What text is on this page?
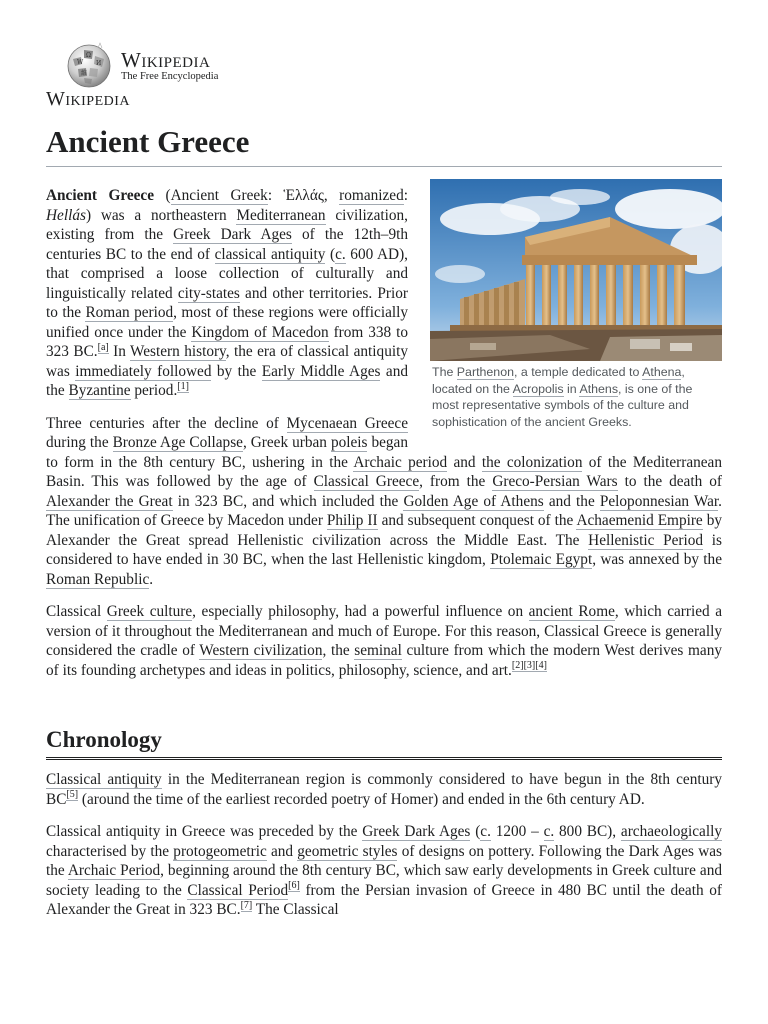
W
Ω
И
維
Wikipedia
The Free Encyclopedia
Wikipedia
Ancient Greece
The Parthenon, a temple dedicated to Athena, located on the Acropolis in Athens, is one of the most representative symbols of the culture and sophistication of the ancient Greeks.

Ancient Greece (Ancient Greek: Ἑλλάς, romanized: Hellás) was a northeastern Mediterranean civilization, existing from the Greek Dark Ages of the 12th–9th centuries BC to the end of classical antiquity (c. 600 AD), that comprised a loose collection of culturally and linguistically related city-states and other territories. Prior to the Roman period, most of these regions were officially unified once under the Kingdom of Macedon from 338 to 323 BC.[a] In Western history, the era of classical antiquity was immediately followed by the Early Middle Ages and the Byzantine period.[1]

Three centuries after the decline of Mycenaean Greece during the Bronze Age Collapse, Greek urban poleis began to form in the 8th century BC, ushering in the Archaic period and the colonization of the Mediterranean Basin. This was followed by the age of Classical Greece, from the Greco-Persian Wars to the death of Alexander the Great in 323 BC, and which included the Golden Age of Athens and the Peloponnesian War. The unification of Greece by Macedon under Philip II and subsequent conquest of the Achaemenid Empire by Alexander the Great spread Hellenistic civilization across the Middle East. The Hellenistic Period is considered to have ended in 30 BC, when the last Hellenistic kingdom, Ptolemaic Egypt, was annexed by the Roman Republic.

Classical Greek culture, especially philosophy, had a powerful influence on ancient Rome, which carried a version of it throughout the Mediterranean and much of Europe. For this reason, Classical Greece is generally considered the cradle of Western civilization, the seminal culture from which the modern West derives many of its founding archetypes and ideas in politics, philosophy, science, and art.[2][3][4]

Chronology

Classical antiquity in the Mediterranean region is commonly considered to have begun in the 8th century BC[5] (around the time of the earliest recorded poetry of Homer) and ended in the 6th century AD.

Classical antiquity in Greece was preceded by the Greek Dark Ages (c. 1200 – c. 800 BC), archaeologically characterised by the protogeometric and geometric styles of designs on pottery. Following the Dark Ages was the Archaic Period, beginning around the 8th century BC, which saw early developments in Greek culture and society leading to the Classical Period[6] from the Persian invasion of Greece in 480 BC until the death of Alexander the Great in 323 BC.[7] The Classical
